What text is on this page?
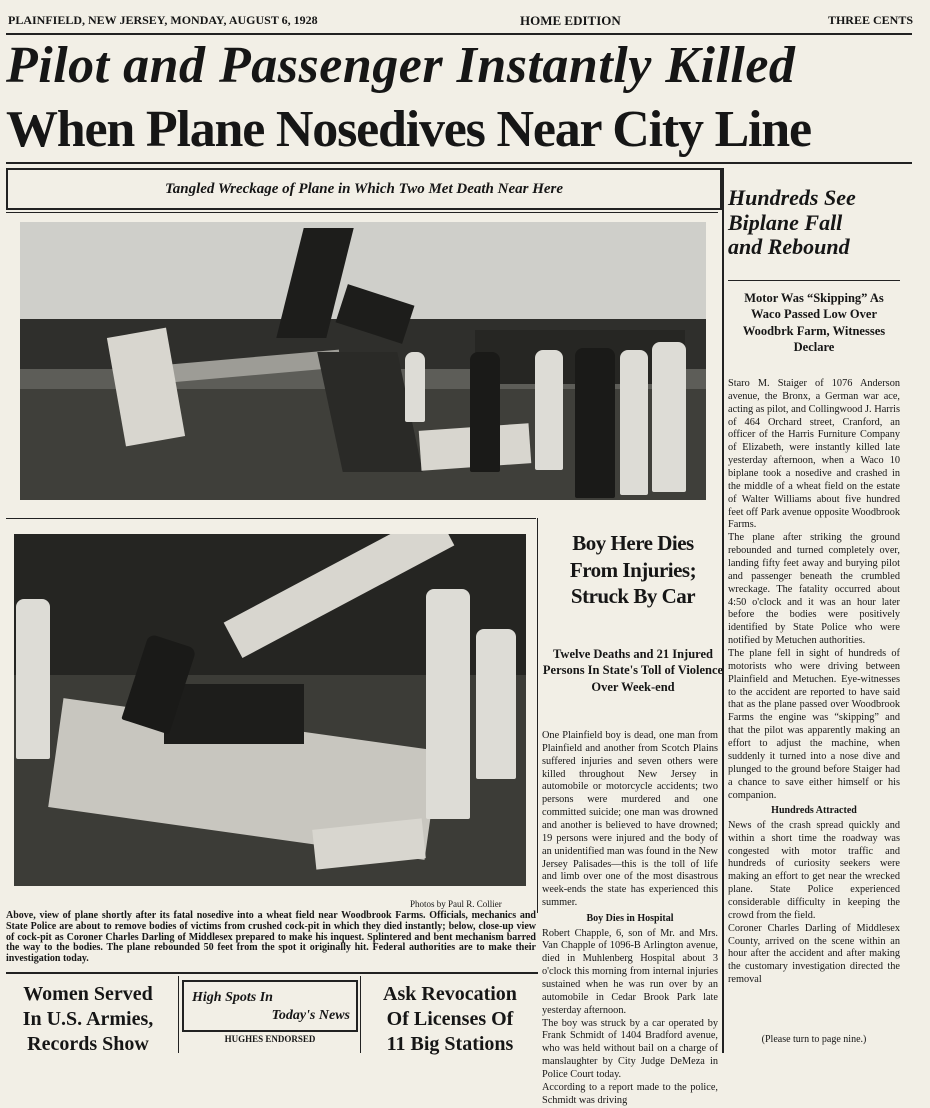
PLAINFIELD, NEW JERSEY, MONDAY, AUGUST 6, 1928	HOME EDITION	THREE CENTS
Pilot and Passenger Instantly Killed
When Plane Nosedives Near City Line
Tangled Wreckage of Plane in Which Two Met Death Near Here
Photos by Paul R. Collier
Above, view of plane shortly after its fatal nosedive into a wheat field near Woodbrook Farms. Officials, mechanics and State Police are about to remove bodies of victims from crushed cock-pit in which they died instantly; below, close-up view of cock-pit as Coroner Charles Darling of Middlesex prepared to make his inquest. Splintered and bent mechanism barred the way to the bodies. The plane rebounded 50 feet from the spot it originally hit. Federal authorities are to make their investigation today.
Hundreds See
Biplane Fall
and Rebound
Motor Was “Skipping” As Waco Passed Low Over Woodbrk Farm, Witnesses Declare
Staro M. Staiger of 1076 Anderson avenue, the Bronx, a German war ace, acting as pilot, and Collingwood J. Harris of 464 Orchard street, Cranford, an officer of the Harris Furniture Company of Elizabeth, were instantly killed late yesterday afternoon, when a Waco 10 biplane took a nosedive and crashed in the middle of a wheat field on the estate of Walter Williams about five hundred feet off Park avenue opposite Woodbrook Farms.
The plane after striking the ground rebounded and turned completely over, landing fifty feet away and burying pilot and passenger beneath the crumbled wreckage. The fatality occurred about 4:50 o'clock and it was an hour later before the bodies were positively identified by State Police who were notified by Metuchen authorities.
The plane fell in sight of hundreds of motorists who were driving between Plainfield and Metuchen. Eye-witnesses to the accident are reported to have said that as the plane passed over Woodbrook Farms the engine was “skipping” and that the pilot was apparently making an effort to adjust the machine, when suddenly it turned into a nose dive and plunged to the ground before Staiger had a chance to save either himself or his companion.
Hundreds Attracted
News of the crash spread quickly and within a short time the roadway was congested with motor traffic and hundreds of curiosity seekers were making an effort to get near the wrecked plane. State Police experienced considerable difficulty in keeping the crowd from the field.
Coroner Charles Darling of Middlesex County, arrived on the scene within an hour after the accident and after making the customary investigation directed the removal
(Please turn to page nine.)
Boy Here Dies
From Injuries;
Struck By Car
Twelve Deaths and 21 Injured Persons In State's Toll of Violence Over Week-end
One Plainfield boy is dead, one man from Plainfield and another from Scotch Plains suffered injuries and seven others were killed throughout New Jersey in automobile or motorcycle accidents; two persons were murdered and one committed suicide; one man was drowned and another is believed to have drowned; 19 persons were injured and the body of an unidentified man was found in the New Jersey Palisades—this is the toll of life and limb over one of the most disastrous week-ends the state has experienced this summer.
Boy Dies in Hospital
Robert Chapple, 6, son of Mr. and Mrs. Van Chapple of 1096-B Arlington avenue, died in Muhlenberg Hospital about 3 o'clock this morning from internal injuries sustained when he was run over by an automobile in Cedar Brook Park late yesterday afternoon.
The boy was struck by a car operated by Frank Schmidt of 1404 Bradford avenue, who was held without bail on a charge of manslaughter by City Judge DeMeza in Police Court today.
According to a report made to the police, Schmidt was driving
Women Served
In U.S. Armies,
Records Show
High Spots In
Today's News
HUGHES ENDORSED
Ask Revocation
Of Licenses Of
11 Big Stations
